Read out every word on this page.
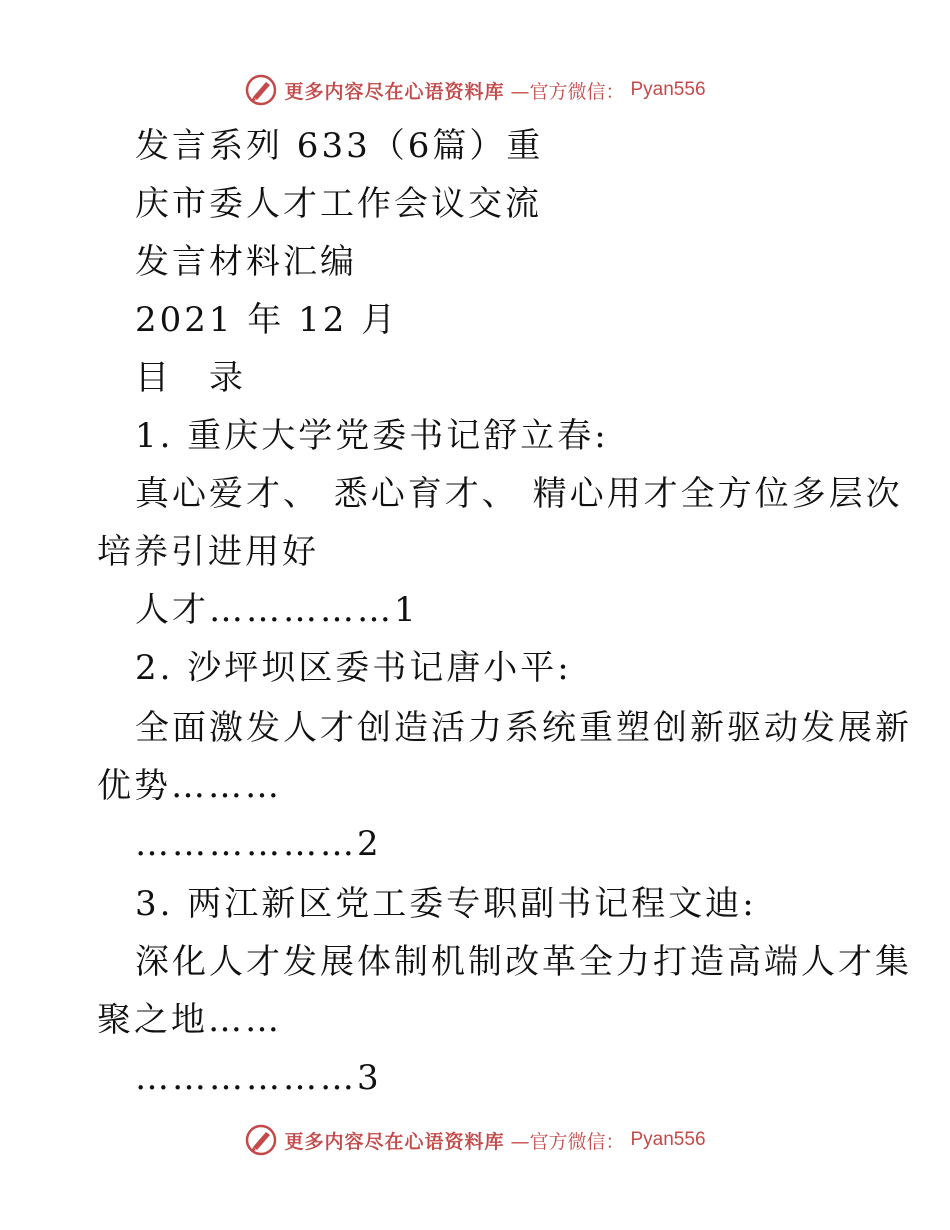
更多内容尽在心语资料库 —官方微信： Pyan556
发言系列 633（6篇）重
庆市委人才工作会议交流
发言材料汇编
2021 年 12 月
目　录
1. 重庆大学党委书记舒立春:
真心爱才、 悉心育才、 精心用才全方位多层次
培养引进用好
人才……………1
2. 沙坪坝区委书记唐小平:
全面激发人才创造活力系统重塑创新驱动发展新
优势………
………………2
3. 两江新区党工委专职副书记程文迪:
深化人才发展体制机制改革全力打造高端人才集
聚之地……
………………3
更多内容尽在心语资料库 —官方微信： Pyan556
